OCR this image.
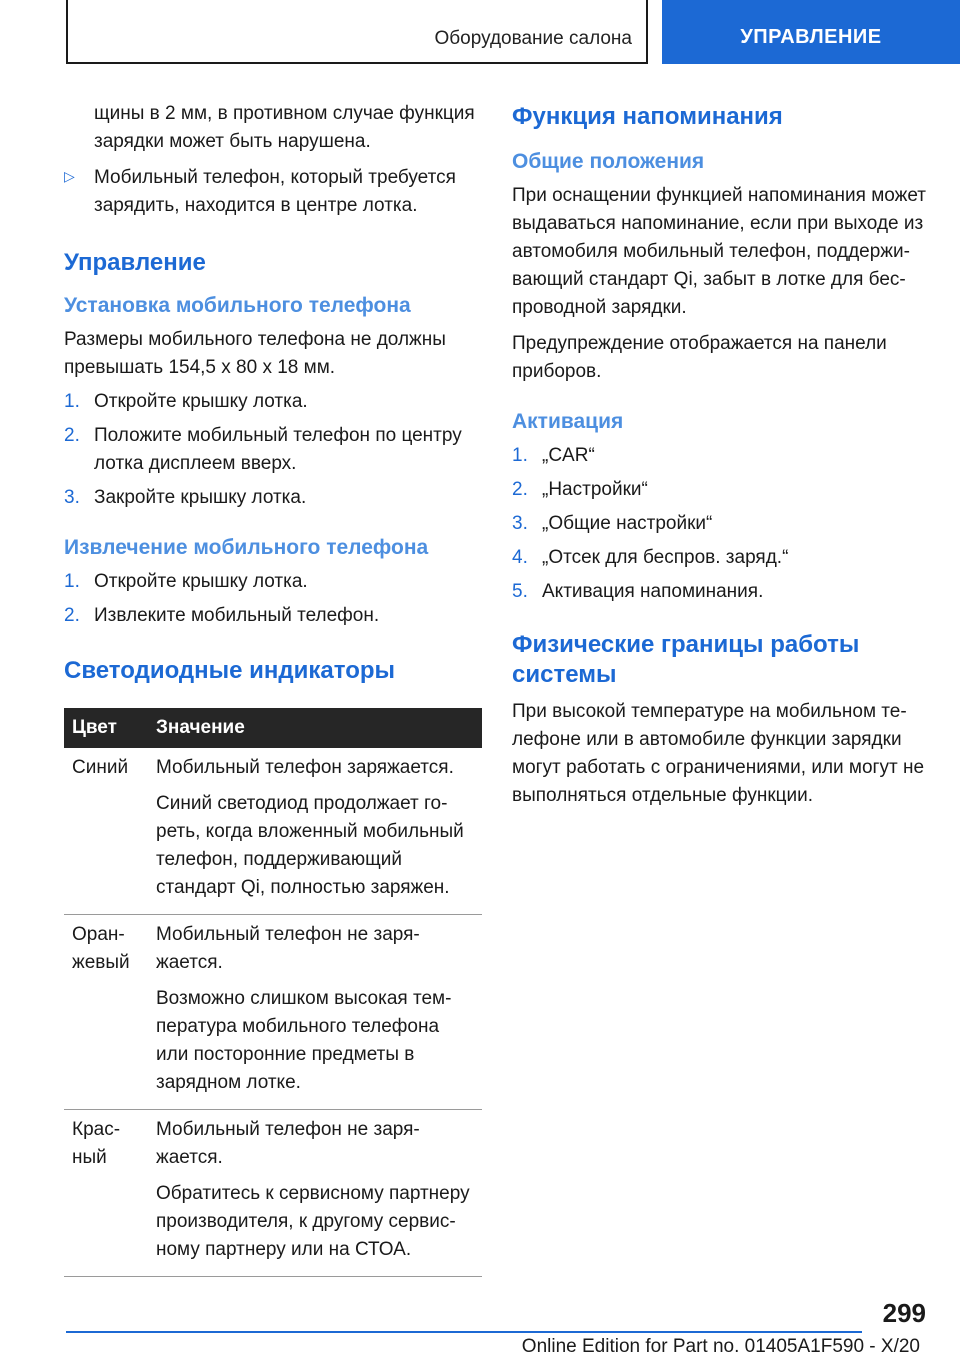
Оборудование салона	УПРАВЛЕНИЕ

щины в 2 мм, в противном случае функция зарядки может быть нарушена.

▷	Мобильный телефон, который требуется зарядить, находится в центре лотка.

Управление
Установка мобильного телефона

Размеры мобильного телефона не должны превышать 154,5 x 80 x 18 мм.

1. Откройте крышку лотка.
2. Положите мобильный телефон по центру лотка дисплеем вверх.
3. Закройте крышку лотка.
Извлечение мобильного телефона
1. Откройте крышку лотка.
2. Извлеките мобильный телефон.
Светодиодные индикаторы
Цвет	Значение
Синий	Мобильный телефон заряжается.

Синий светодиод продолжает го-реть, когда вложенный мобильный телефон, поддерживающий стандарт Qi, полностью заряжен.

Оран-жевый	Мобильный телефон не заря-жается.

Возможно слишком высокая тем-пература мобильного телефона или посторонние предметы в зарядном лотке.

Крас-ный	Мобильный телефон не заря-жается.

Обратитесь к сервисному партнеру производителя, к другому сервис-ному партнеру или на СТОА.

Функция напоминания
Общие положения

При оснащении функцией напоминания может выдаваться напоминание, если при выходе из автомобиля мобильный телефон, поддержи-вающий стандарт Qi, забыт в лотке для бес-проводной зарядки.

Предупреждение отображается на панели приборов.

Активация
1. „CAR“
2. „Настройки“
3. „Общие настройки“
4. „Отсек для беспров. заряд.“
5. Активация напоминания.
Физические границы работы системы

При высокой температуре на мобильном те-лефоне или в автомобиле функции зарядки могут работать с ограничениями, или могут не выполняться отдельные функции.

299
Online Edition for Part no. 01405A1F590 - X/20
